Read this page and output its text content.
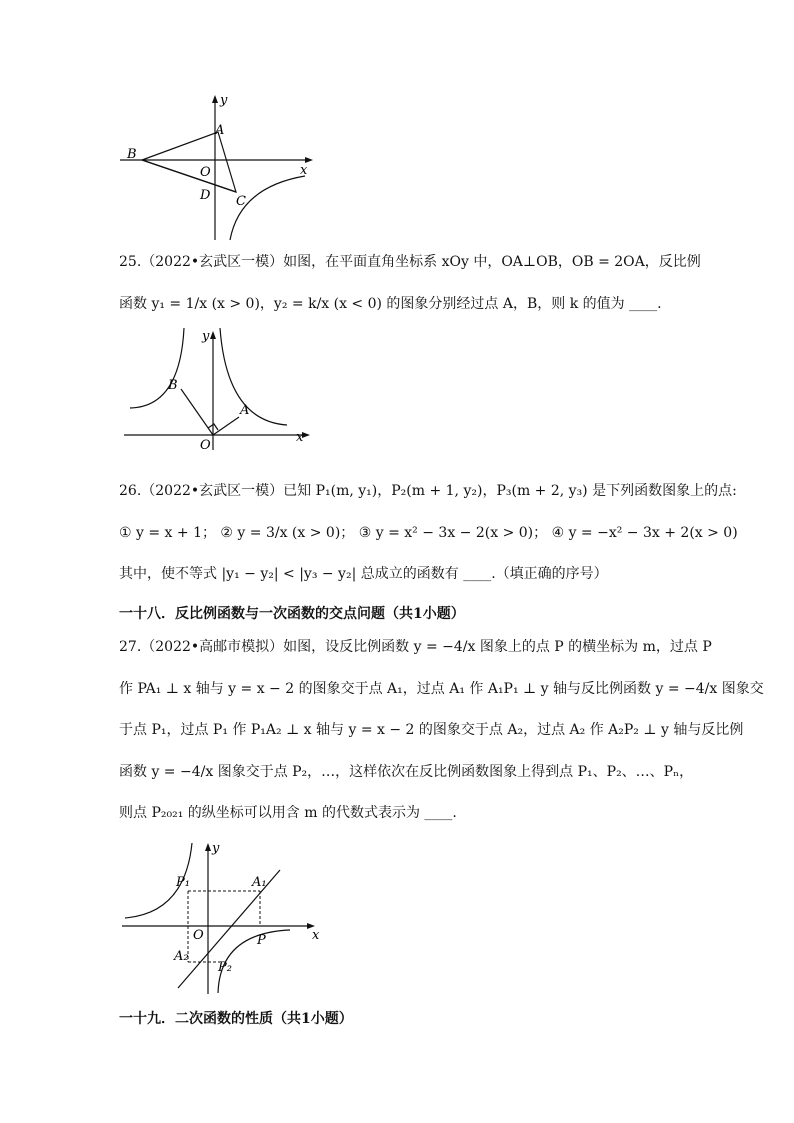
y
x
A
B
O
D C
25.（2022•玄武区一模）如图，在平面直角坐标系 xOy 中，OA⊥OB，OB = 2OA，反比例
函数 y₁ = 1/x (x > 0)，y₂ = k/x (x < 0) 的图象分别经过点 A，B，则 k 的值为 ____.
y
x
B
A
O
26.（2022•玄武区一模）已知 P₁(m, y₁)，P₂(m + 1, y₂)，P₃(m + 2, y₃) 是下列函数图象上的点:
① y = x + 1； ② y = 3/x (x > 0)； ③ y = x² − 3x − 2(x > 0)； ④ y = −x² − 3x + 2(x > 0)
其中，使不等式 |y₁ − y₂| < |y₃ − y₂| 总成立的函数有 ____.（填正确的序号）
一十八．反比例函数与一次函数的交点问题（共1小题）
27.（2022•高邮市模拟）如图，设反比例函数 y = −4/x 图象上的点 P 的横坐标为 m，过点 P
作 PA₁ ⊥ x 轴与 y = x − 2 的图象交于点 A₁，过点 A₁ 作 A₁P₁ ⊥ y 轴与反比例函数 y = −4/x 图象交
于点 P₁，过点 P₁ 作 P₁A₂ ⊥ x 轴与 y = x − 2 的图象交于点 A₂，过点 A₂ 作 A₂P₂ ⊥ y 轴与反比例
函数 y = −4/x 图象交于点 P₂，…，这样依次在反比例函数图象上得到点 P₁、P₂、…、Pₙ，
则点 P₂₀₂₁ 的纵坐标可以用含 m 的代数式表示为 ____.
y
x
O	P
P₁	A₁
A₂
P₂
一十九．二次函数的性质（共1小题）
